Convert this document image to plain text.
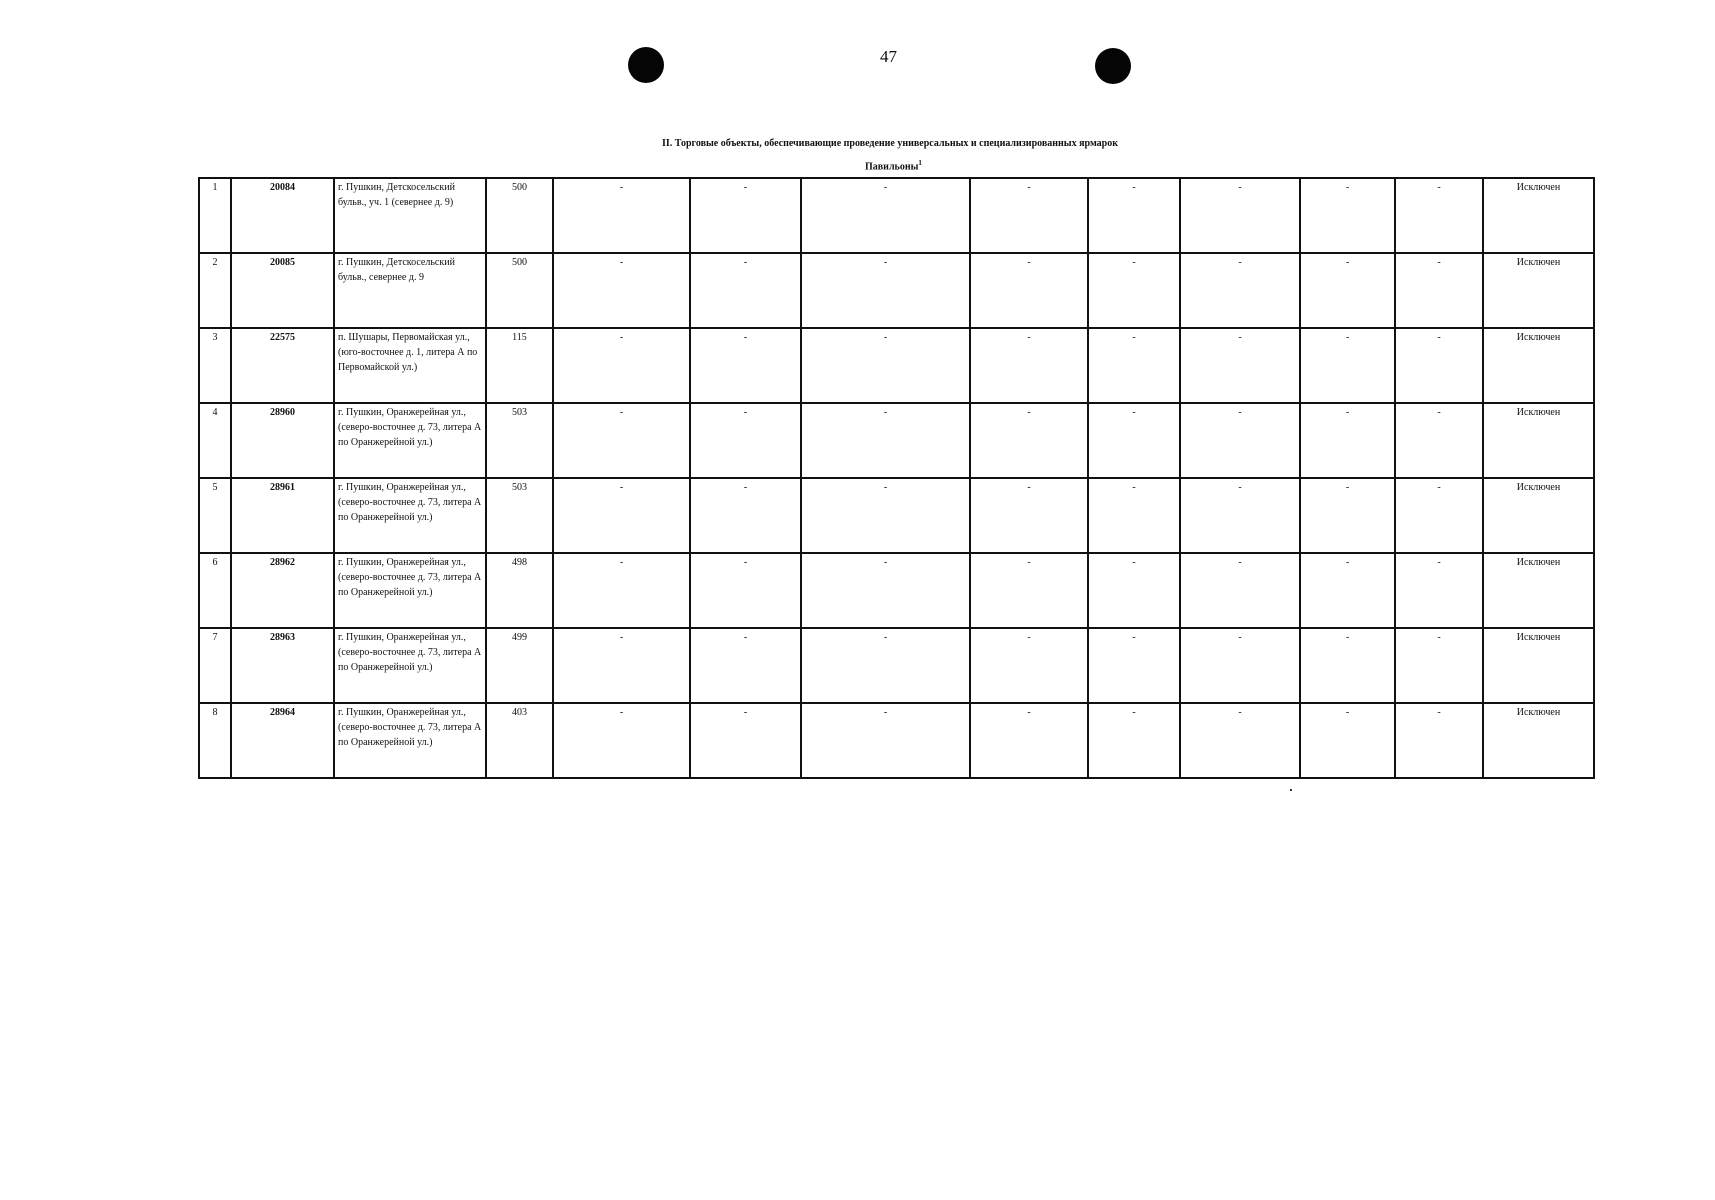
47
II. Торговые объекты, обеспечивающие проведение универсальных и специализированных ярмарок
Павильоны$^1$
1	20084	г. Пушкин, Детскосельский бульв., уч. 1 (севернее д. 9)	500	-	-	-	-	-	-	-	-	Исключен
2	20085	г. Пушкин, Детскосельский бульв., севернее д. 9	500	-	-	-	-	-	-	-	-	Исключен
3	22575	п. Шушары, Первомайская ул., (юго-восточнее д. 1, литера А по Первомайской ул.)	115	-	-	-	-	-	-	-	-	Исключен
4	28960	г. Пушкин, Оранжерейная ул., (северо-восточнее д. 73, литера А по Оранжерейной ул.)	503	-	-	-	-	-	-	-	-	Исключен
5	28961	г. Пушкин, Оранжерейная ул., (северо-восточнее д. 73, литера А по Оранжерейной ул.)	503	-	-	-	-	-	-	-	-	Исключен
6	28962	г. Пушкин, Оранжерейная ул., (северо-восточнее д. 73, литера А по Оранжерейной ул.)	498	-	-	-	-	-	-	-	-	Исключен
7	28963	г. Пушкин, Оранжерейная ул., (северо-восточнее д. 73, литера А по Оранжерейной ул.)	499	-	-	-	-	-	-	-	-	Исключен
8	28964	г. Пушкин, Оранжерейная ул., (северо-восточнее д. 73, литера А по Оранжерейной ул.)	403	-	-	-	-	-	-	-	-	Исключен
